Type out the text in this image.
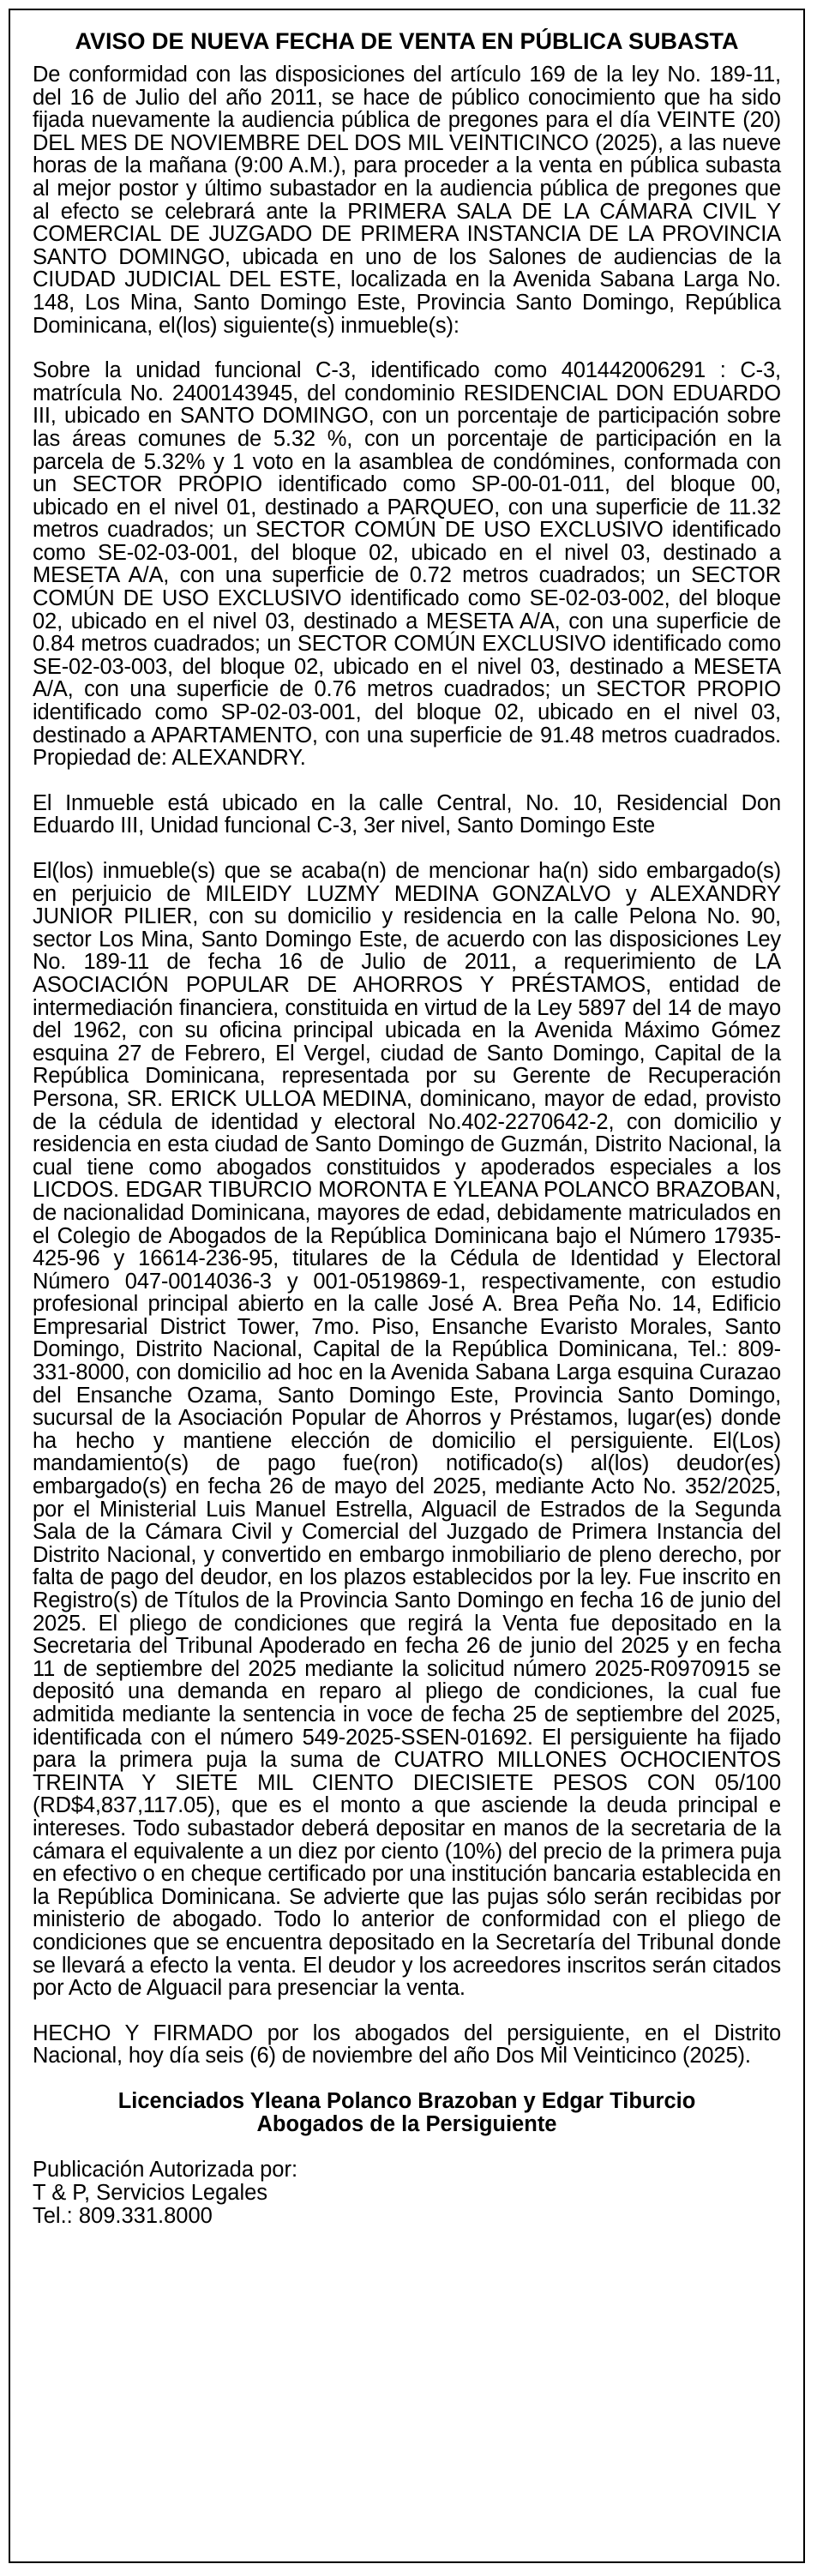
AVISO DE NUEVA FECHA DE VENTA EN PÚBLICA SUBASTA

De conformidad con las disposiciones del artículo 169 de la ley No. 189-11, del 16 de Julio del año 2011, se hace de público conocimiento que ha sido fijada nuevamente la audiencia pública de pregones para el día VEINTE (20) DEL MES DE NOVIEMBRE DEL DOS MIL VEINTICINCO (2025), a las nueve horas de la mañana (9:00 A.M.), para proceder a la venta en pública subasta al mejor postor y último subastador en la audiencia pública de pregones que al efecto se celebrará ante la PRIMERA SALA DE LA CÁMARA CIVIL Y COMERCIAL DE JUZGADO DE PRIMERA INSTANCIA DE LA PROVINCIA SANTO DOMINGO, ubicada en uno de los Salones de audiencias de la CIUDAD JUDICIAL DEL ESTE, localizada en la Avenida Sabana Larga No. 148, Los Mina, Santo Domingo Este, Provincia Santo Domingo, República Dominicana, el(los) siguiente(s) inmueble(s):

Sobre la unidad funcional C-3, identificado como 401442006291 : C-3, matrícula No. 2400143945, del condominio RESIDENCIAL DON EDUARDO III, ubicado en SANTO DOMINGO, con un porcentaje de participación sobre las áreas comunes de 5.32 %, con un porcentaje de participación en la parcela de 5.32% y 1 voto en la asamblea de condómines, conformada con un SECTOR PROPIO identificado como SP-00-01-011, del bloque 00, ubicado en el nivel 01, destinado a PARQUEO, con una superficie de 11.32 metros cuadrados; un SECTOR COMÚN DE USO EXCLUSIVO identificado como SE-02-03-001, del bloque 02, ubicado en el nivel 03, destinado a MESETA A/A, con una superficie de 0.72 metros cuadrados; un SECTOR COMÚN DE USO EXCLUSIVO identificado como SE-02-03-002, del bloque 02, ubicado en el nivel 03, destinado a MESETA A/A, con una superficie de 0.84 metros cuadrados; un SECTOR COMÚN EXCLUSIVO identificado como SE-02-03-003, del bloque 02, ubicado en el nivel 03, destinado a MESETA A/A, con una superficie de 0.76 metros cuadrados; un SECTOR PROPIO identificado como SP-02-03-001, del bloque 02, ubicado en el nivel 03, destinado a APARTAMENTO, con una superficie de 91.48 metros cuadrados. Propiedad de: ALEXANDRY.

El Inmueble está ubicado en la calle Central, No. 10, Residencial Don Eduardo III, Unidad funcional C-3, 3er nivel, Santo Domingo Este

El(los) inmueble(s) que se acaba(n) de mencionar ha(n) sido embargado(s) en perjuicio de MILEIDY LUZMY MEDINA GONZALVO y ALEXANDRY JUNIOR PILIER, con su domicilio y residencia en la calle Pelona No. 90, sector Los Mina, Santo Domingo Este, de acuerdo con las disposiciones Ley No. 189-11 de fecha 16 de Julio de 2011, a requerimiento de LA ASOCIACIÓN POPULAR DE AHORROS Y PRÉSTAMOS, entidad de intermediación financiera, constituida en virtud de la Ley 5897 del 14 de mayo del 1962, con su oficina principal ubicada en la Avenida Máximo Gómez esquina 27 de Febrero, El Vergel, ciudad de Santo Domingo, Capital de la República Dominicana, representada por su Gerente de Recuperación Persona, SR. ERICK ULLOA MEDINA, dominicano, mayor de edad, provisto de la cédula de identidad y electoral No.402-2270642-2, con domicilio y residencia en esta ciudad de Santo Domingo de Guzmán, Distrito Nacional, la cual tiene como abogados constituidos y apoderados especiales a los LICDOS. EDGAR TIBURCIO MORONTA E YLEANA POLANCO BRAZOBAN, de nacionalidad Dominicana, mayores de edad, debidamente matriculados en el Colegio de Abogados de la República Dominicana bajo el Número 17935-425-96 y 16614-236-95, titulares de la Cédula de Identidad y Electoral Número 047-0014036-3 y 001-0519869-1, respectivamente, con estudio profesional principal abierto en la calle José A. Brea Peña No. 14, Edificio Empresarial District Tower, 7mo. Piso, Ensanche Evaristo Morales, Santo Domingo, Distrito Nacional, Capital de la República Dominicana, Tel.: 809-331-8000, con domicilio ad hoc en la Avenida Sabana Larga esquina Curazao del Ensanche Ozama, Santo Domingo Este, Provincia Santo Domingo, sucursal de la Asociación Popular de Ahorros y Préstamos, lugar(es) donde ha hecho y mantiene elección de domicilio el persiguiente. El(Los) mandamiento(s) de pago fue(ron) notificado(s) al(los) deudor(es) embargado(s) en fecha 26 de mayo del 2025, mediante Acto No. 352/2025, por el Ministerial Luis Manuel Estrella, Alguacil de Estrados de la Segunda Sala de la Cámara Civil y Comercial del Juzgado de Primera Instancia del Distrito Nacional, y convertido en embargo inmobiliario de pleno derecho, por falta de pago del deudor, en los plazos establecidos por la ley. Fue inscrito en Registro(s) de Títulos de la Provincia Santo Domingo en fecha 16 de junio del 2025. El pliego de condiciones que regirá la Venta fue depositado en la Secretaria del Tribunal Apoderado en fecha 26 de junio del 2025 y en fecha 11 de septiembre del 2025 mediante la solicitud número 2025-R0970915 se depositó una demanda en reparo al pliego de condiciones, la cual fue admitida mediante la sentencia in voce de fecha 25 de septiembre del 2025, identificada con el número 549-2025-SSEN-01692. El persiguiente ha fijado para la primera puja la suma de CUATRO MILLONES OCHOCIENTOS TREINTA Y SIETE MIL CIENTO DIECISIETE PESOS CON 05/100 (RD$4,837,117.05), que es el monto a que asciende la deuda principal e intereses. Todo subastador deberá depositar en manos de la secretaria de la cámara el equivalente a un diez por ciento (10%) del precio de la primera puja en efectivo o en cheque certificado por una institución bancaria establecida en la República Dominicana. Se advierte que las pujas sólo serán recibidas por ministerio de abogado. Todo lo anterior de conformidad con el pliego de condiciones que se encuentra depositado en la Secretaría del Tribunal donde se llevará a efecto la venta. El deudor y los acreedores inscritos serán citados por Acto de Alguacil para presenciar la venta.

HECHO Y FIRMADO por los abogados del persiguiente, en el Distrito Nacional, hoy día seis (6) de noviembre del año Dos Mil Veinticinco (2025).

Licenciados Yleana Polanco Brazoban y Edgar Tiburcio
Abogados de la Persiguiente
Publicación Autorizada por:
T & P, Servicios Legales
Tel.: 809.331.8000
